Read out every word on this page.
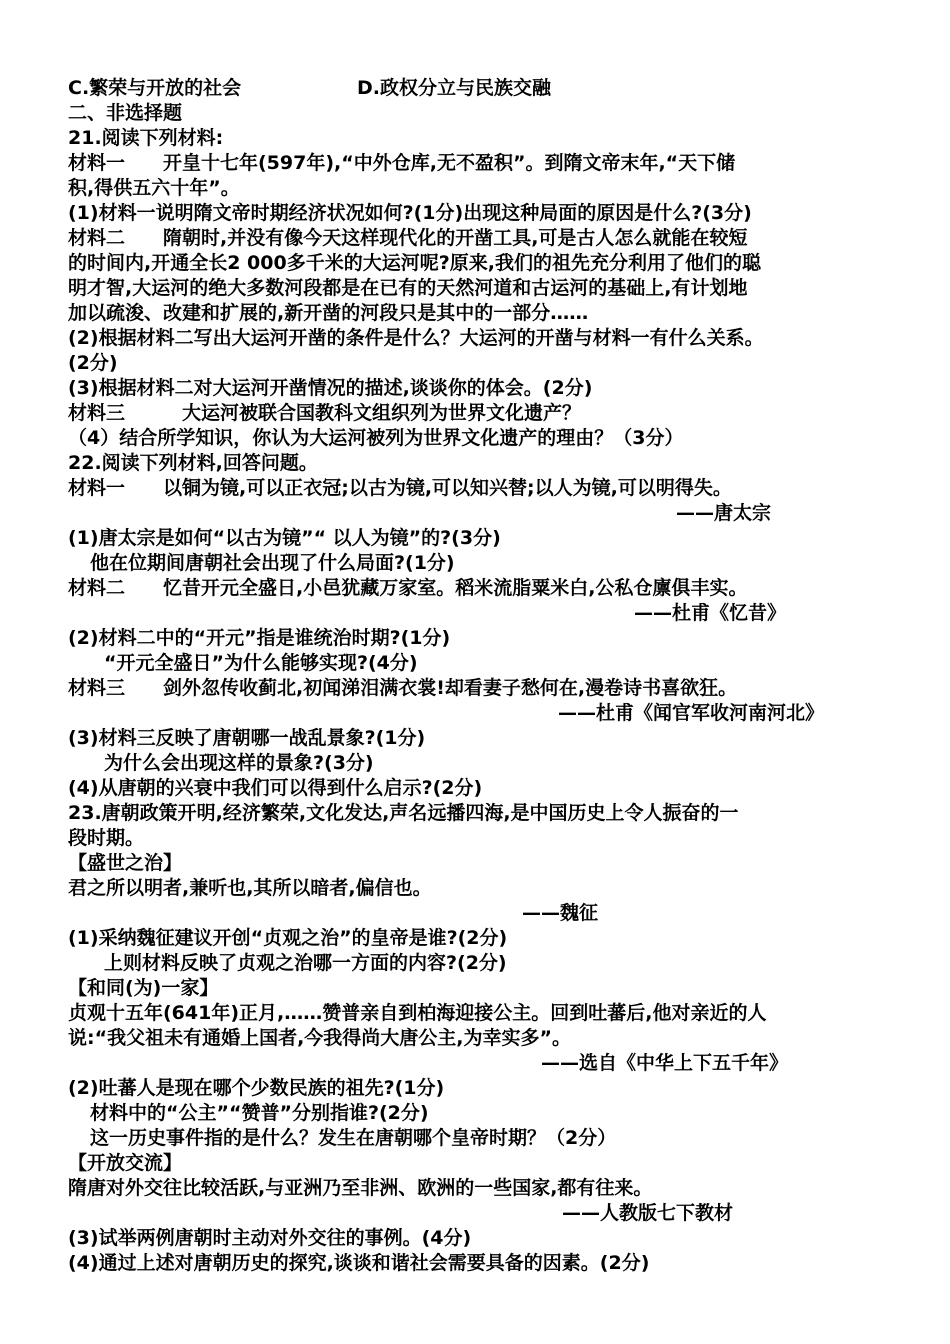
C.繁荣与开放的社会	D.政权分立与民族交融
二、非选择题
21.阅读下列材料:
材料一　　开皇十七年(597年),“中外仓库,无不盈积”。到隋文帝末年,“天下储
积,得供五六十年”。
(1)材料一说明隋文帝时期经济状况如何?(1分)出现这种局面的原因是什么?(3分)
材料二　　隋朝时,并没有像今天这样现代化的开凿工具,可是古人怎么就能在较短
的时间内,开通全长2 000多千米的大运河呢?原来,我们的祖先充分利用了他们的聪
明才智,大运河的绝大多数河段都是在已有的天然河道和古运河的基础上,有计划地
加以疏浚、改建和扩展的,新开凿的河段只是其中的一部分……
(2)根据材料二写出大运河开凿的条件是什么？大运河的开凿与材料一有什么关系。
(2分)
(3)根据材料二对大运河开凿情况的描述,谈谈你的体会。(2分)
材料三　　　大运河被联合国教科文组织列为世界文化遗产？
（4）结合所学知识，你认为大运河被列为世界文化遗产的理由？（3分）
22.阅读下列材料,回答问题。
材料一　　以铜为镜,可以正衣冠;以古为镜,可以知兴替;以人为镜,可以明得失。
——唐太宗
(1)唐太宗是如何“以古为镜”“ 以人为镜”的?(3分)
他在位期间唐朝社会出现了什么局面?(1分)
材料二　　忆昔开元全盛日,小邑犹藏万家室。稻米流脂粟米白,公私仓廪俱丰实。
——杜甫《忆昔》
(2)材料二中的“开元”指是谁统治时期?(1分)
“开元全盛日”为什么能够实现?(4分)
材料三　　剑外忽传收蓟北,初闻涕泪满衣裳!却看妻子愁何在,漫卷诗书喜欲狂。
——杜甫《闻官军收河南河北》
(3)材料三反映了唐朝哪一战乱景象?(1分)
为什么会出现这样的景象?(3分)
(4)从唐朝的兴衰中我们可以得到什么启示?(2分)
23.唐朝政策开明,经济繁荣,文化发达,声名远播四海,是中国历史上令人振奋的一
段时期。
【盛世之治】
君之所以明者,兼听也,其所以暗者,偏信也。
——魏征
(1)采纳魏征建议开创“贞观之治”的皇帝是谁?(2分)
上则材料反映了贞观之治哪一方面的内容?(2分)
【和同(为)一家】
贞观十五年(641年)正月,……赞普亲自到柏海迎接公主。回到吐蕃后,他对亲近的人
说:“我父祖未有通婚上国者,今我得尚大唐公主,为幸实多”。
——选自《中华上下五千年》
(2)吐蕃人是现在哪个少数民族的祖先?(1分)
材料中的“公主”“赞普”分别指谁?(2分)
这一历史事件指的是什么？发生在唐朝哪个皇帝时期？（2分）
【开放交流】
隋唐对外交往比较活跃,与亚洲乃至非洲、欧洲的一些国家,都有往来。
——人教版七下教材
(3)试举两例唐朝时主动对外交往的事例。(4分)
(4)通过上述对唐朝历史的探究,谈谈和谐社会需要具备的因素。(2分)
